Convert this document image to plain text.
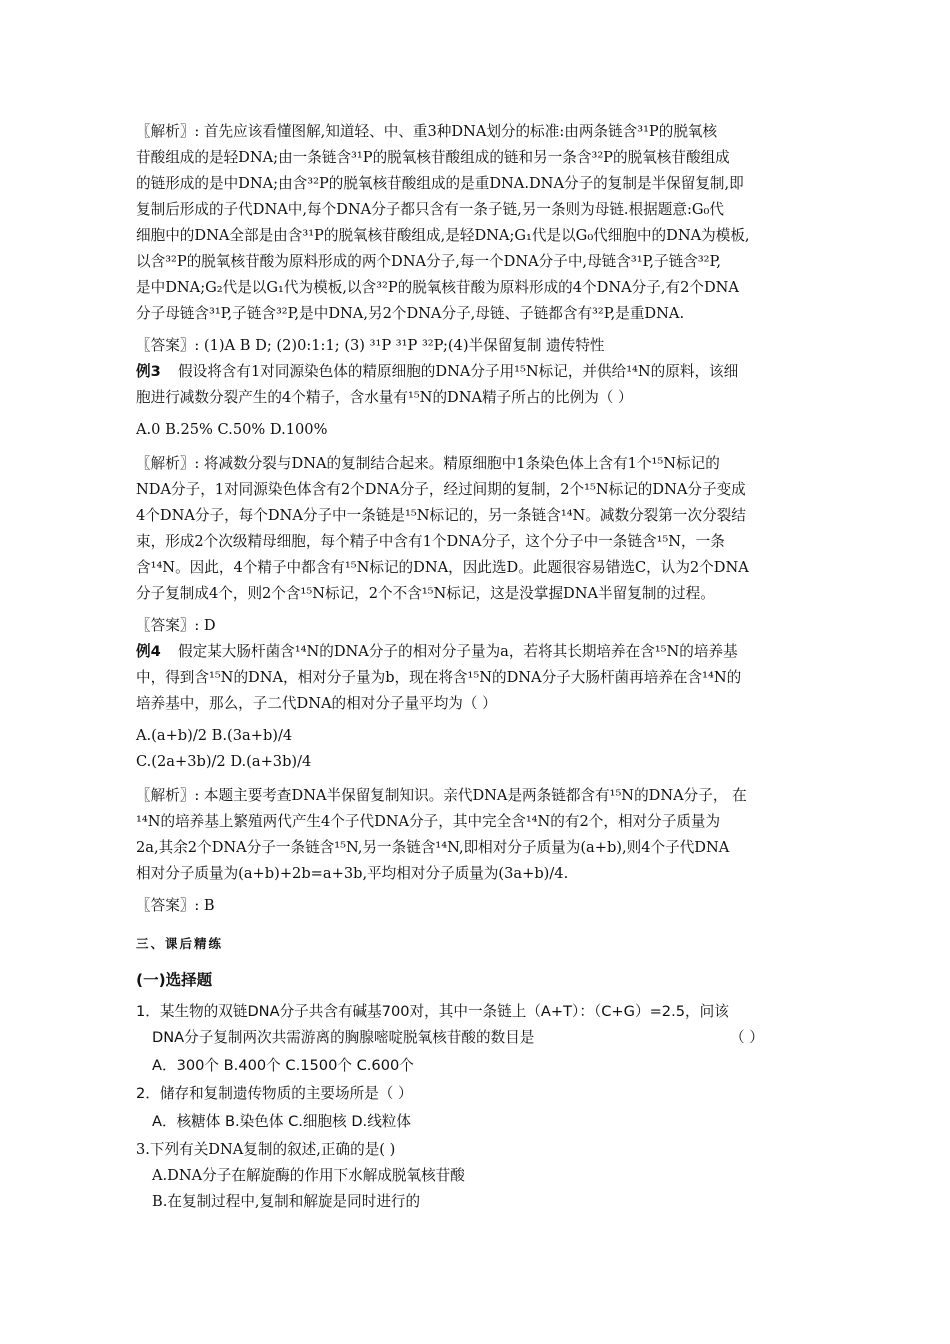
〖解析〗: 首先应该看懂图解,知道轻、中、重3种DNA划分的标准:由两条链含³¹P的脱氧核
苷酸组成的是轻DNA;由一条链含³¹P的脱氧核苷酸组成的链和另一条含³²P的脱氧核苷酸组成
的链形成的是中DNA;由含³²P的脱氧核苷酸组成的是重DNA.DNA分子的复制是半保留复制,即
复制后形成的子代DNA中,每个DNA分子都只含有一条子链,另一条则为母链.根据题意:G₀代
细胞中的DNA全部是由含³¹P的脱氧核苷酸组成,是轻DNA;G₁代是以G₀代细胞中的DNA为模板,
以含³²P的脱氧核苷酸为原料形成的两个DNA分子,每一个DNA分子中,母链含³¹P,子链含³²P,
是中DNA;G₂代是以G₁代为模板,以含³²P的脱氧核苷酸为原料形成的4个DNA分子,有2个DNA
分子母链含³¹P,子链含³²P,是中DNA,另2个DNA分子,母链、子链都含有³²P,是重DNA.
〖答案〗: (1)A B D; (2)0:1:1; (3) ³¹P ³¹P ³²P;(4)半保留复制 遗传特性
例3 假设将含有1对同源染色体的精原细胞的DNA分子用¹⁵N标记，并供给¹⁴N的原料，该细
胞进行减数分裂产生的4个精子，含水量有¹⁵N的DNA精子所占的比例为（ ）
A.0 B.25% C.50% D.100%
〖解析〗: 将减数分裂与DNA的复制结合起来。精原细胞中1条染色体上含有1个¹⁵N标记的
NDA分子，1对同源染色体含有2个DNA分子，经过间期的复制，2个¹⁵N标记的DNA分子变成
4个DNA分子，每个DNA分子中一条链是¹⁵N标记的，另一条链含¹⁴N。减数分裂第一次分裂结
束，形成2个次级精母细胞，每个精子中含有1个DNA分子，这个分子中一条链含¹⁵N，一条
含¹⁴N。因此，4个精子中都含有¹⁵N标记的DNA，因此选D。此题很容易错选C，认为2个DNA
分子复制成4个，则2个含¹⁵N标记，2个不含¹⁵N标记，这是没掌握DNA半留复制的过程。
〖答案〗: D
例4 假定某大肠杆菌含¹⁴N的DNA分子的相对分子量为a，若将其长期培养在含¹⁵N的培养基
中，得到含¹⁵N的DNA，相对分子量为b，现在将含¹⁵N的DNA分子大肠杆菌再培养在含¹⁴N的
培养基中，那么，子二代DNA的相对分子量平均为（ ）
A.(a+b)/2 B.(3a+b)/4
C.(2a+3b)/2 D.(a+3b)/4
〖解析〗: 本题主要考查DNA半保留复制知识。亲代DNA是两条链都含有¹⁵N的DNA分子， 在
¹⁴N的培养基上繁殖两代产生4个子代DNA分子，其中完全含¹⁴N的有2个，相对分子质量为
2a,其余2个DNA分子一条链含¹⁵N,另一条链含¹⁴N,即相对分子质量为(a+b),则4个子代DNA
相对分子质量为(a+b)+2b=a+3b,平均相对分子质量为(3a+b)/4.
〖答案〗: B
三、课后精练
(一)选择题
1．某生物的双链DNA分子共含有碱基700对，其中一条链上（A+T）：（C+G）=2.5，问该
DNA分子复制两次共需游离的胸腺嘧啶脱氧核苷酸的数目是	（ ）
A．300个 B.400个 C.1500个 C.600个
2．储存和复制遗传物质的主要场所是（ ）
A．核糖体 B.染色体 C.细胞核 D.线粒体
3.下列有关DNA复制的叙述,正确的是( )
A.DNA分子在解旋酶的作用下水解成脱氧核苷酸
B.在复制过程中,复制和解旋是同时进行的
